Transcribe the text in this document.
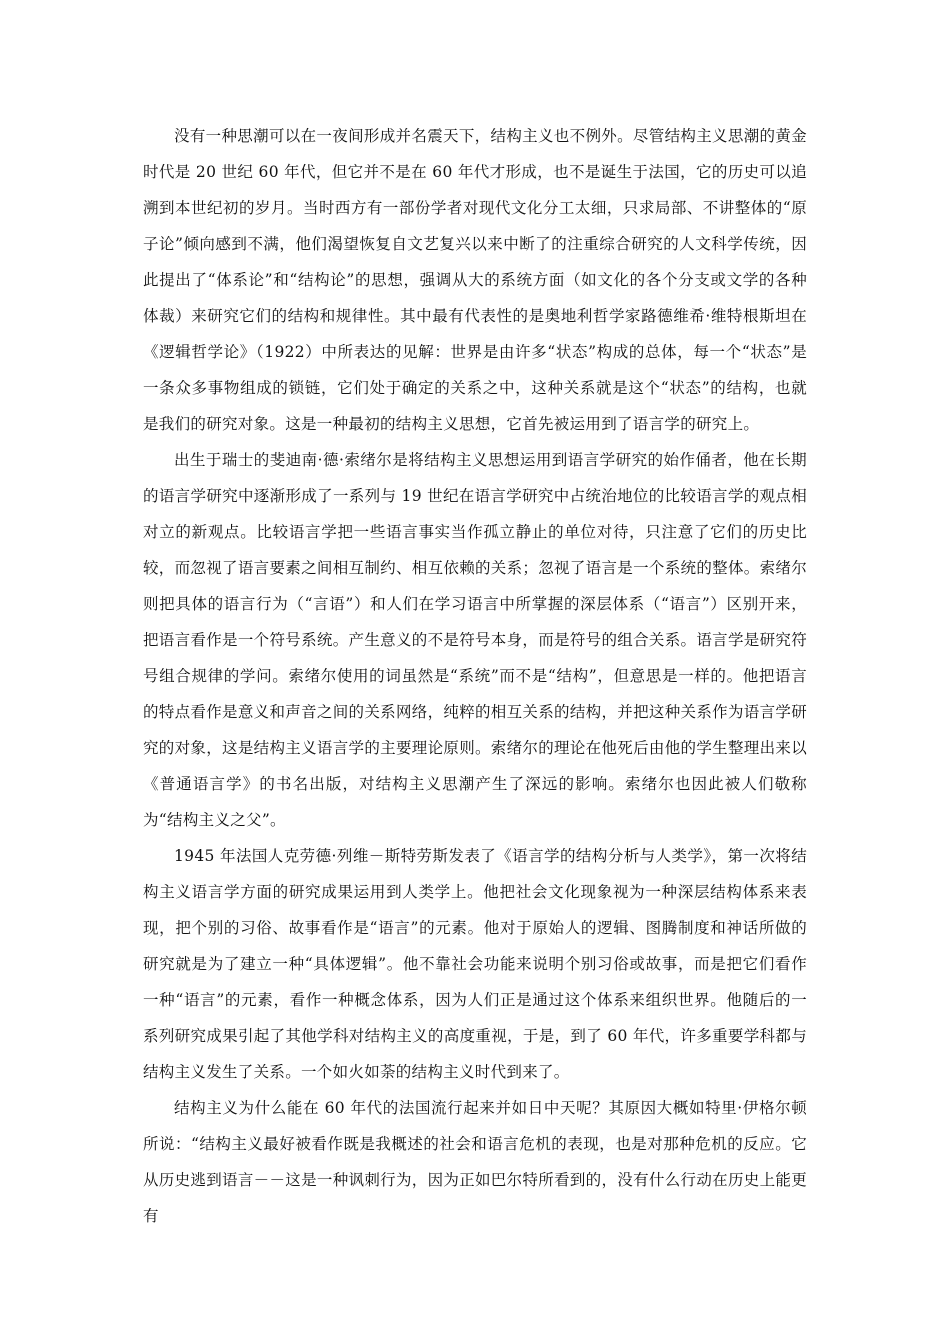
没有一种思潮可以在一夜间形成并名震天下，结构主义也不例外。尽管结构主义思潮的黄金时代是 20 世纪 60 年代，但它并不是在 60 年代才形成，也不是诞生于法国，它的历史可以追溯到本世纪初的岁月。当时西方有一部份学者对现代文化分工太细，只求局部、不讲整体的“原子论”倾向感到不满，他们渴望恢复自文艺复兴以来中断了的注重综合研究的人文科学传统，因此提出了“体系论”和“结构论”的思想，强调从大的系统方面（如文化的各个分支或文学的各种体裁）来研究它们的结构和规律性。其中最有代表性的是奥地利哲学家路德维希·维特根斯坦在《逻辑哲学论》（1922）中所表达的见解：世界是由许多“状态”构成的总体，每一个“状态”是一条众多事物组成的锁链，它们处于确定的关系之中，这种关系就是这个“状态”的结构，也就是我们的研究对象。这是一种最初的结构主义思想，它首先被运用到了语言学的研究上。

出生于瑞士的斐迪南·德·索绪尔是将结构主义思想运用到语言学研究的始作俑者，他在长期的语言学研究中逐渐形成了一系列与 19 世纪在语言学研究中占统治地位的比较语言学的观点相对立的新观点。比较语言学把一些语言事实当作孤立静止的单位对待，只注意了它们的历史比较，而忽视了语言要素之间相互制约、相互依赖的关系；忽视了语言是一个系统的整体。索绪尔则把具体的语言行为（“言语”）和人们在学习语言中所掌握的深层体系（“语言”）区别开来，把语言看作是一个符号系统。产生意义的不是符号本身，而是符号的组合关系。语言学是研究符号组合规律的学问。索绪尔使用的词虽然是“系统”而不是“结构”，但意思是一样的。他把语言的特点看作是意义和声音之间的关系网络，纯粹的相互关系的结构，并把这种关系作为语言学研究的对象，这是结构主义语言学的主要理论原则。索绪尔的理论在他死后由他的学生整理出来以《普通语言学》的书名出版，对结构主义思潮产生了深远的影响。索绪尔也因此被人们敬称为“结构主义之父”。

1945 年法国人克劳德·列维－斯特劳斯发表了《语言学的结构分析与人类学》，第一次将结构主义语言学方面的研究成果运用到人类学上。他把社会文化现象视为一种深层结构体系来表现，把个别的习俗、故事看作是“语言”的元素。他对于原始人的逻辑、图腾制度和神话所做的研究就是为了建立一种“具体逻辑”。他不靠社会功能来说明个别习俗或故事，而是把它们看作一种“语言”的元素，看作一种概念体系，因为人们正是通过这个体系来组织世界。他随后的一系列研究成果引起了其他学科对结构主义的高度重视，于是，到了 60 年代，许多重要学科都与结构主义发生了关系。一个如火如荼的结构主义时代到来了。

结构主义为什么能在 60 年代的法国流行起来并如日中天呢？其原因大概如特里·伊格尔顿所说：“结构主义最好被看作既是我概述的社会和语言危机的表现，也是对那种危机的反应。它从历史逃到语言－－这是一种讽刺行为，因为正如巴尔特所看到的，没有什么行动在历史上能更有
